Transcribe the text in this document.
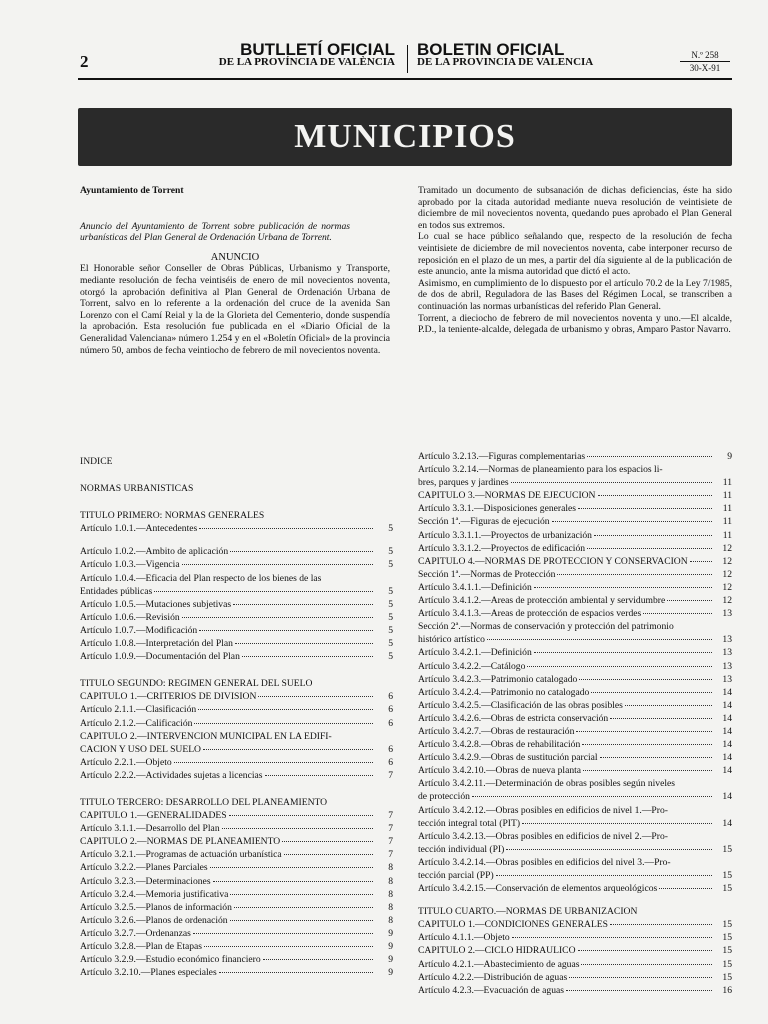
2
BUTLLETÍ OFICIAL
DE LA PROVÍNCIA DE VALÈNCIA
BOLETIN OFICIAL
DE LA PROVINCIA DE VALENCIA
N.º 258
30-X-91
MUNICIPIOS

Ayuntamiento de Torrent

Anuncio del Ayuntamiento de Torrent sobre publicación de normas urbanísticas del Plan General de Ordenación Urbana de Torrent.

ANUNCIO

El Honorable señor Conseller de Obras Públicas, Urbanismo y Transporte, mediante resolución de fecha veintiséis de enero de mil novecientos noventa, otorgó la aprobación definitiva al Plan General de Ordenación Urbana de Torrent, salvo en lo referente a la ordenación del cruce de la avenida San Lorenzo con el Camí Reial y la de la Glorieta del Cementerio, donde suspendía la aprobación. Esta resolución fue publicada en el «Diario Oficial de la Generalidad Valenciana» número 1.254 y en el «Boletín Oficial» de la provincia número 50, ambos de fecha veintiocho de febrero de mil novecientos noventa.

Tramitado un documento de subsanación de dichas deficiencias, éste ha sido aprobado por la citada autoridad mediante nueva resolución de veintisiete de diciembre de mil novecientos noventa, quedando pues aprobado el Plan General en todos sus extremos.

Lo cual se hace público señalando que, respecto de la resolución de fecha veintisiete de diciembre de mil novecientos noventa, cabe interponer recurso de reposición en el plazo de un mes, a partir del día siguiente al de la publicación de este anuncio, ante la misma autoridad que dictó el acto.

Asimismo, en cumplimiento de lo dispuesto por el artículo 70.2 de la Ley 7/1985, de dos de abril, Reguladora de las Bases del Régimen Local, se transcriben a continuación las normas urbanísticas del referido Plan General.

Torrent, a dieciocho de febrero de mil novecientos noventa y uno.—El alcalde, P.D., la teniente-alcalde, delegada de urbanismo y obras, Amparo Pastor Navarro.

INDICE
NORMAS URBANISTICAS
TITULO PRIMERO: NORMAS GENERALES
Artículo 1.0.1.—Antecedentes	5
Artículo 1.0.2.—Ambito de aplicación	5
Artículo 1.0.3.—Vigencia	5
Artículo 1.0.4.—Eficacia del Plan respecto de los bienes de las
Entidades públicas	5
Artículo 1.0.5.—Mutaciones subjetivas	5
Artículo 1.0.6.—Revisión	5
Artículo 1.0.7.—Modificación	5
Artículo 1.0.8.—Interpretación del Plan	5
Artículo 1.0.9.—Documentación del Plan	5
TITULO SEGUNDO: REGIMEN GENERAL DEL SUELO
CAPITULO 1.—CRITERIOS DE DIVISION	6
Artículo 2.1.1.—Clasificación	6
Artículo 2.1.2.—Calificación	6
CAPITULO 2.—INTERVENCION MUNICIPAL EN LA EDIFI-
CACION Y USO DEL SUELO	6
Artículo 2.2.1.—Objeto	6
Artículo 2.2.2.—Actividades sujetas a licencias	7
TITULO TERCERO: DESARROLLO DEL PLANEAMIENTO
CAPITULO 1.—GENERALIDADES	7
Artículo 3.1.1.—Desarrollo del Plan	7
CAPITULO 2.—NORMAS DE PLANEAMIENTO	7
Artículo 3.2.1.—Programas de actuación urbanística	7
Artículo 3.2.2.—Planes Parciales	8
Artículo 3.2.3.—Determinaciones	8
Artículo 3.2.4.—Memoria justificativa	8
Artículo 3.2.5.—Planos de información	8
Artículo 3.2.6.—Planos de ordenación	8
Artículo 3.2.7.—Ordenanzas	9
Artículo 3.2.8.—Plan de Etapas	9
Artículo 3.2.9.—Estudio económico financiero	9
Artículo 3.2.10.—Planes especiales	9
Artículo 3.2.13.—Figuras complementarias	9
Artículo 3.2.14.—Normas de planeamiento para los espacios li-
bres, parques y jardines	11
CAPITULO 3.—NORMAS DE EJECUCION	11
Artículo 3.3.1.—Disposiciones generales	11
Sección 1ª.—Figuras de ejecución	11
Artículo 3.3.1.1.—Proyectos de urbanización	11
Artículo 3.3.1.2.—Proyectos de edificación	12
CAPITULO 4.—NORMAS DE PROTECCION Y CONSERVACION	12
Sección 1ª.—Normas de Protección	12
Artículo 3.4.1.1.—Definición	12
Artículo 3.4.1.2.—Areas de protección ambiental y servidumbre	12
Artículo 3.4.1.3.—Areas de protección de espacios verdes	13
Sección 2ª.—Normas de conservación y protección del patrimonio
histórico artístico	13
Artículo 3.4.2.1.—Definición	13
Artículo 3.4.2.2.—Catálogo	13
Artículo 3.4.2.3.—Patrimonio catalogado	13
Artículo 3.4.2.4.—Patrimonio no catalogado	14
Artículo 3.4.2.5.—Clasificación de las obras posibles	14
Artículo 3.4.2.6.—Obras de estricta conservación	14
Artículo 3.4.2.7.—Obras de restauración	14
Artículo 3.4.2.8.—Obras de rehabilitación	14
Artículo 3.4.2.9.—Obras de sustitución parcial	14
Artículo 3.4.2.10.—Obras de nueva planta	14
Artículo 3.4.2.11.—Determinación de obras posibles según niveles
de protección	14
Artículo 3.4.2.12.—Obras posibles en edificios de nivel 1.—Pro-
tección integral total (PIT)	14
Artículo 3.4.2.13.—Obras posibles en edificios de nivel 2.—Pro-
tección individual (PI)	15
Artículo 3.4.2.14.—Obras posibles en edificios del nivel 3.—Pro-
tección parcial (PP)	15
Artículo 3.4.2.15.—Conservación de elementos arqueológicos	15
TITULO CUARTO.—NORMAS DE URBANIZACION
CAPITULO 1.—CONDICIONES GENERALES	15
Artículo 4.1.1.—Objeto	15
CAPITULO 2.—CICLO HIDRAULICO	15
Artículo 4.2.1.—Abastecimiento de aguas	15
Artículo 4.2.2.—Distribución de aguas	15
Artículo 4.2.3.—Evacuación de aguas	16
